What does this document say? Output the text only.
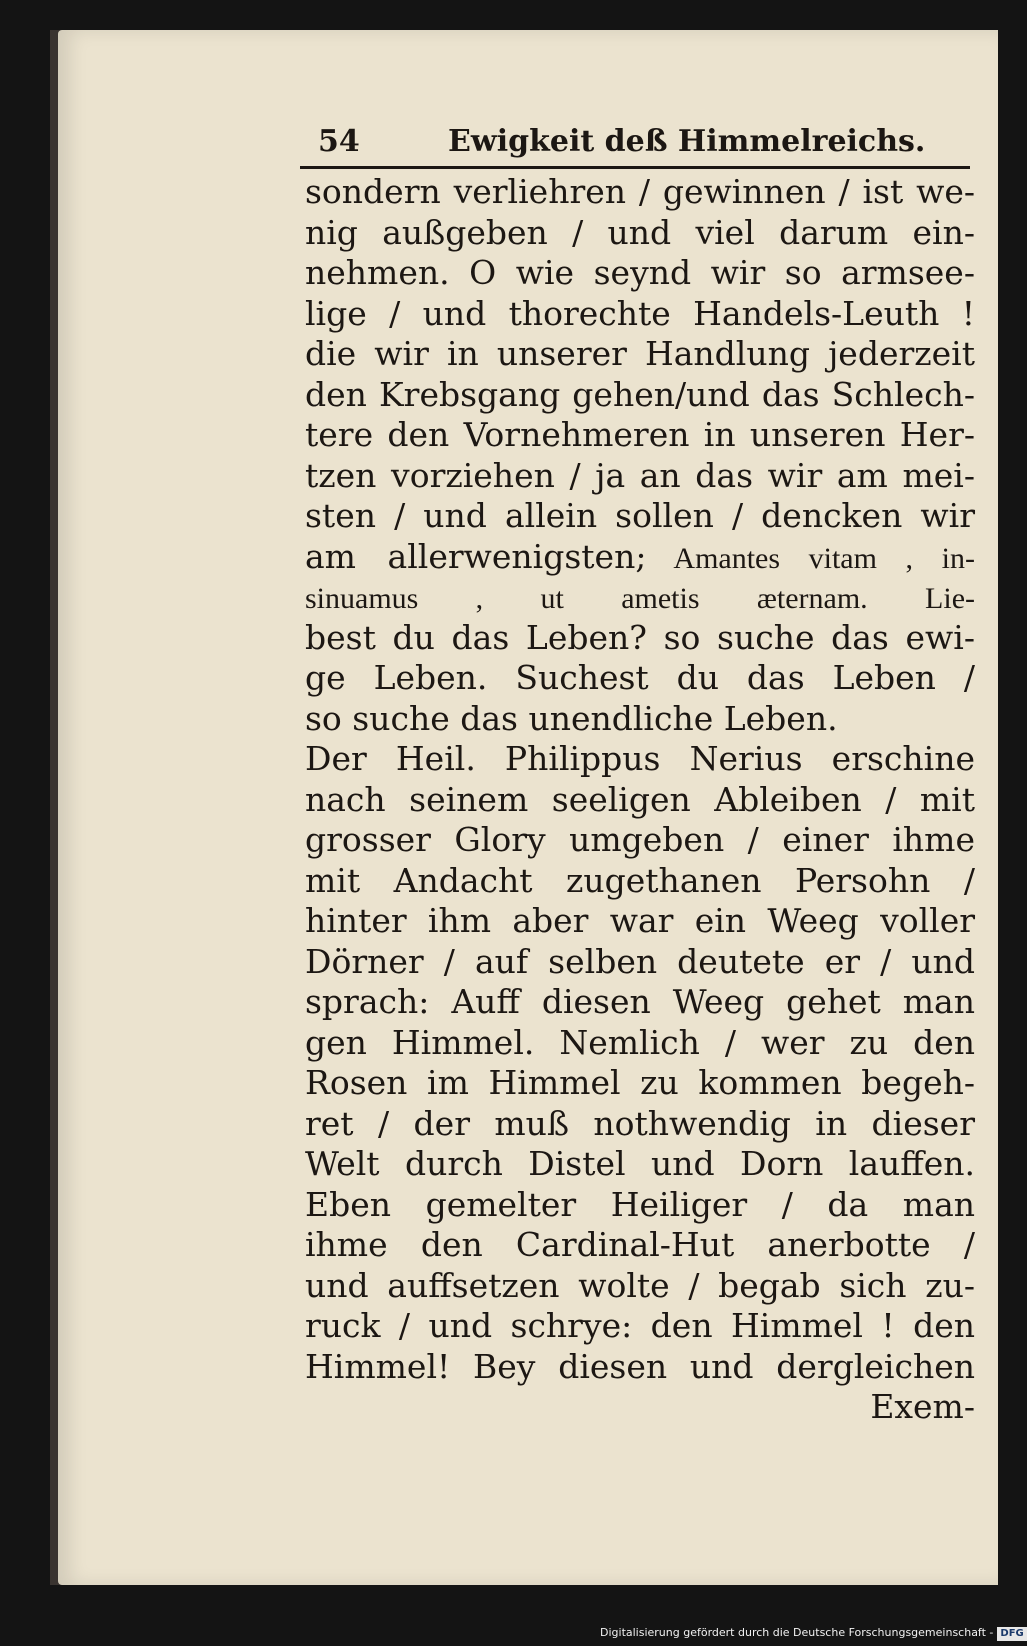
54	Ewigkeit deß Himmelreichs.
sondern verliehren / gewinnen / ist we-
nig außgeben / und viel darum ein-
nehmen. O wie seynd wir so armsee-
lige / und thorechte Handels-Leuth !
die wir in unserer Handlung jederzeit
den Krebsgang gehen/und das Schlech-
tere den Vornehmeren in unseren Her-
tzen vorziehen / ja an das wir am mei-
sten / und allein sollen / dencken wir
am allerwenigsten; Amantes vitam , in-
sinuamus , ut ametis æternam. Lie-
best du das Leben? so suche das ewi-
ge Leben. Suchest du das Leben /
so suche das unendliche Leben.
Der Heil. Philippus Nerius erschine
nach seinem seeligen Ableiben / mit
grosser Glory umgeben / einer ihme
mit Andacht zugethanen Persohn /
hinter ihm aber war ein Weeg voller
Dörner / auf selben deutete er / und
sprach: Auff diesen Weeg gehet man
gen Himmel. Nemlich / wer zu den
Rosen im Himmel zu kommen begeh-
ret / der muß nothwendig in dieser
Welt durch Distel und Dorn lauffen.
Eben gemelter Heiliger / da man
ihme den Cardinal-Hut anerbotte /
und auffsetzen wolte / begab sich zu-
ruck / und schrye: den Himmel ! den
Himmel! Bey diesen und dergleichen
Exem-
Digitalisierung gefördert durch die Deutsche Forschungsgemeinschaft - DFG
